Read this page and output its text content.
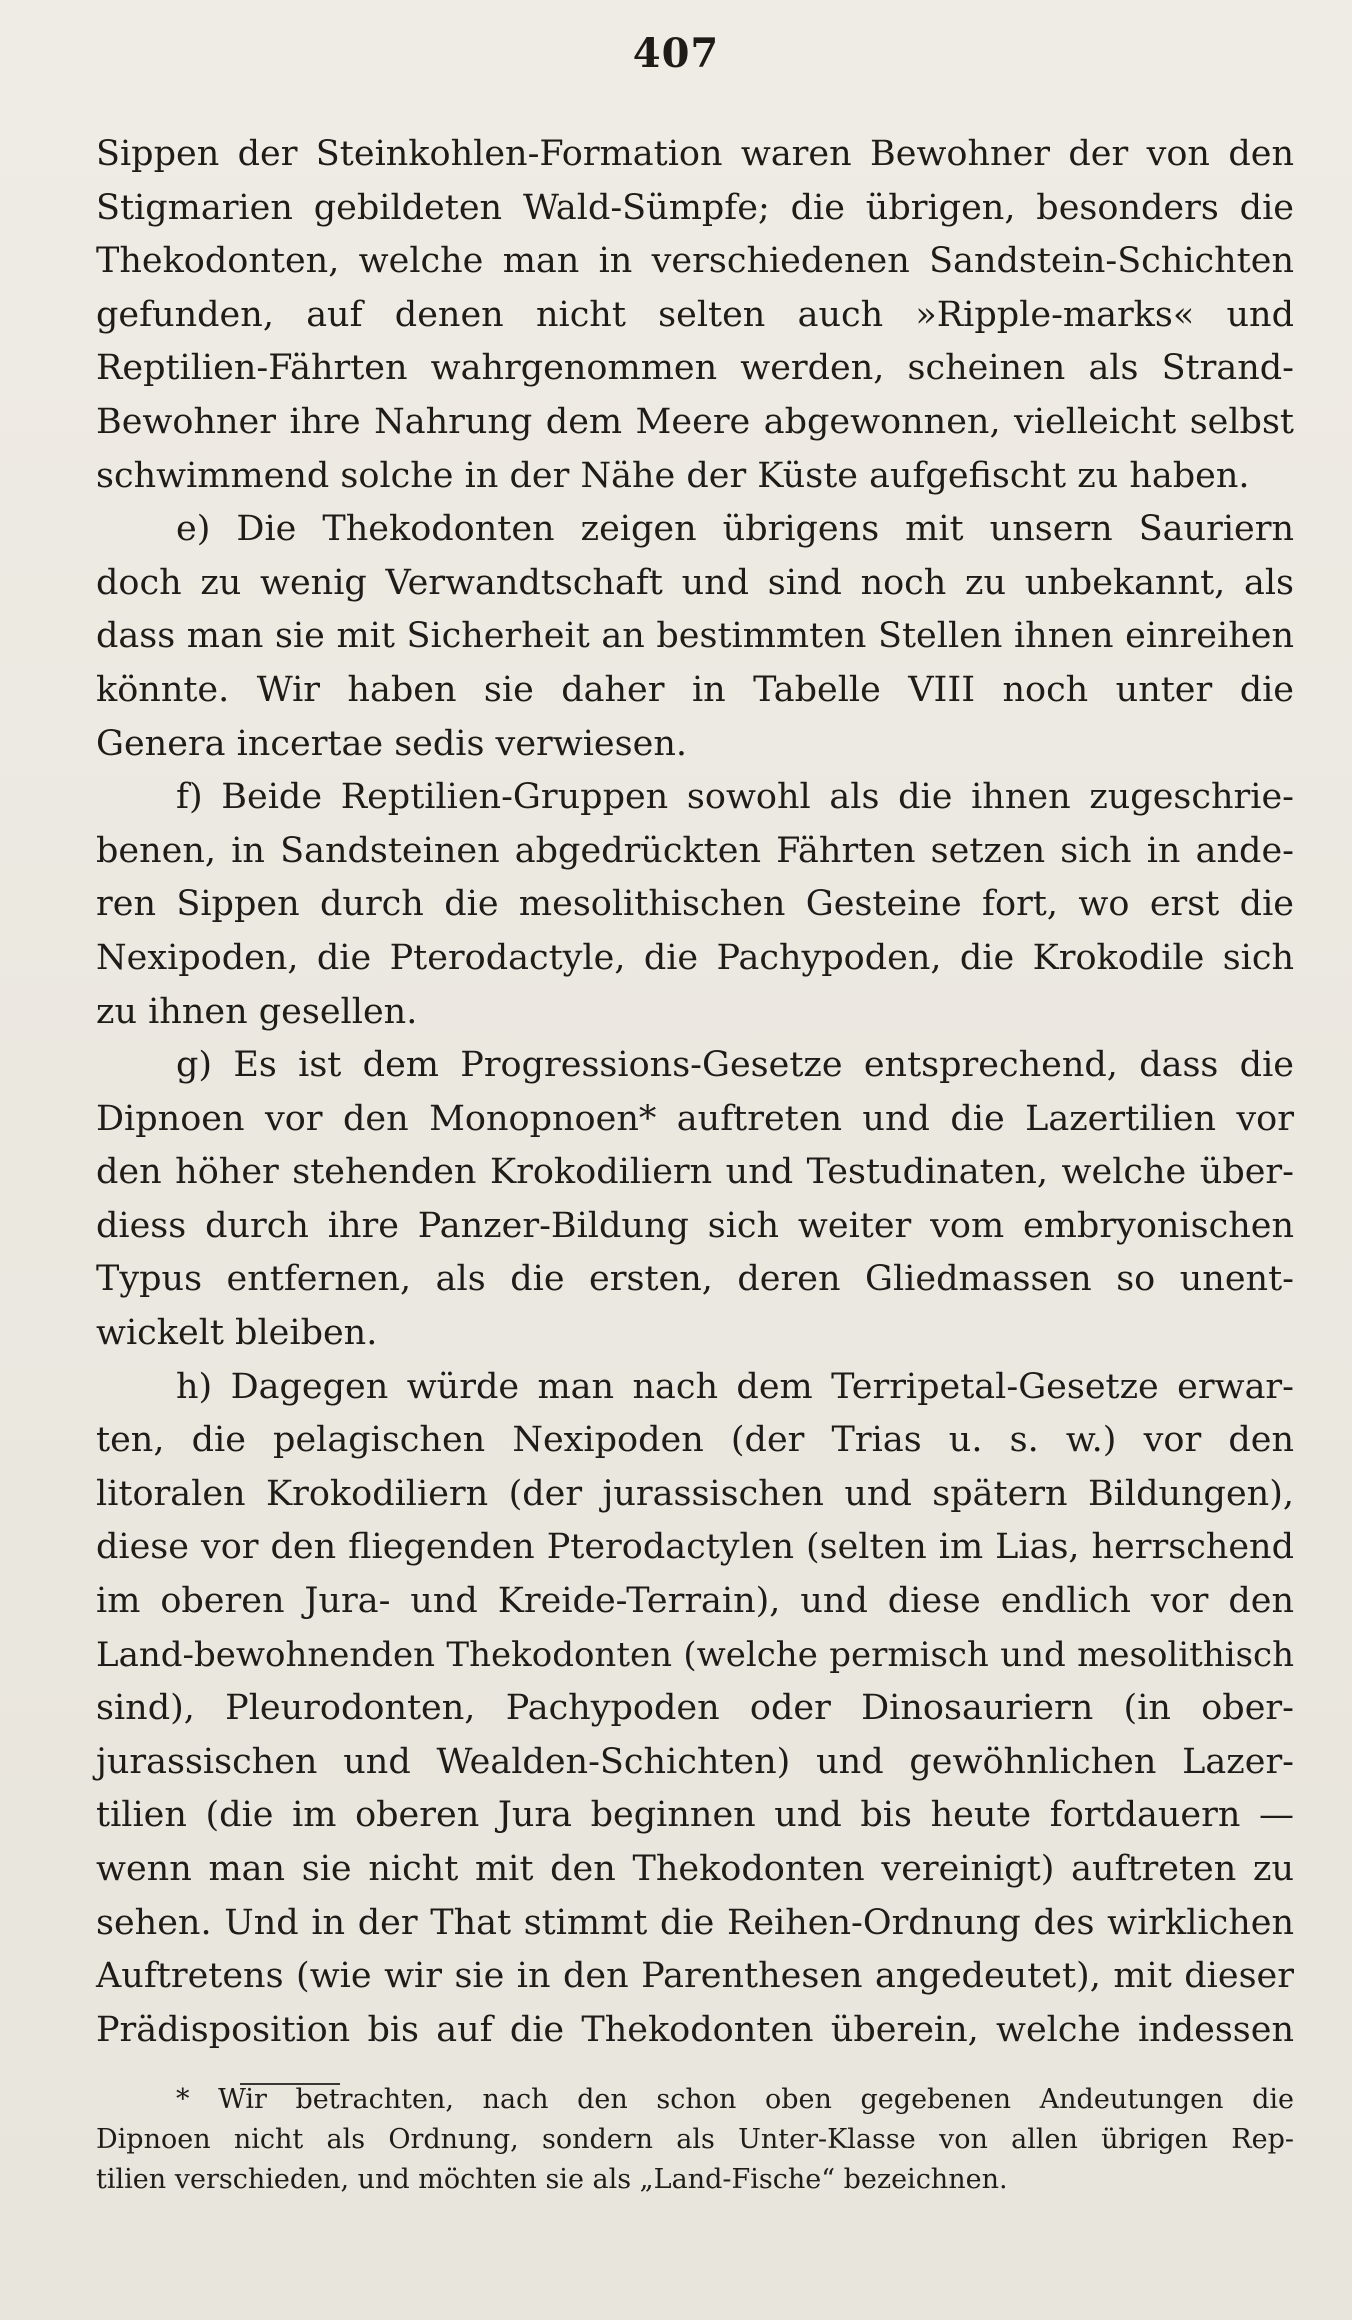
407
Sippen der Steinkohlen-Formation waren Bewohner der von den
Stigmarien gebildeten Wald-Sümpfe; die übrigen, besonders die
Thekodonten, welche man in verschiedenen Sandstein-Schichten
gefunden, auf denen nicht selten auch »Ripple-marks« und
Reptilien-Fährten wahrgenommen werden, scheinen als Strand-
Bewohner ihre Nahrung dem Meere abgewonnen, vielleicht selbst
schwimmend solche in der Nähe der Küste aufgefischt zu haben.
e) Die Thekodonten zeigen übrigens mit unsern Sauriern
doch zu wenig Verwandtschaft und sind noch zu unbekannt, als
dass man sie mit Sicherheit an bestimmten Stellen ihnen einreihen
könnte. Wir haben sie daher in Tabelle VIII noch unter die
Genera incertae sedis verwiesen.
f) Beide Reptilien-Gruppen sowohl als die ihnen zugeschrie-
benen, in Sandsteinen abgedrückten Fährten setzen sich in ande-
ren Sippen durch die mesolithischen Gesteine fort, wo erst die
Nexipoden, die Pterodactyle, die Pachypoden, die Krokodile sich
zu ihnen gesellen.
g) Es ist dem Progressions-Gesetze entsprechend, dass die
Dipnoen vor den Monopnoen* auftreten und die Lazertilien vor
den höher stehenden Krokodiliern und Testudinaten, welche über-
diess durch ihre Panzer-Bildung sich weiter vom embryonischen
Typus entfernen, als die ersten, deren Gliedmassen so unent-
wickelt bleiben.
h) Dagegen würde man nach dem Terripetal-Gesetze erwar-
ten, die pelagischen Nexipoden (der Trias u. s. w.) vor den
litoralen Krokodiliern (der jurassischen und spätern Bildungen),
diese vor den fliegenden Pterodactylen (selten im Lias, herrschend
im oberen Jura- und Kreide-Terrain), und diese endlich vor den
Land-bewohnenden Thekodonten (welche permisch und mesolithisch
sind), Pleurodonten, Pachypoden oder Dinosauriern (in ober-
jurassischen und Wealden-Schichten) und gewöhnlichen Lazer-
tilien (die im oberen Jura beginnen und bis heute fortdauern —
wenn man sie nicht mit den Thekodonten vereinigt) auftreten zu
sehen. Und in der That stimmt die Reihen-Ordnung des wirklichen
Auftretens (wie wir sie in den Parenthesen angedeutet), mit dieser
Prädisposition bis auf die Thekodonten überein, welche indessen
* Wir betrachten, nach den schon oben gegebenen Andeutungen die
Dipnoen nicht als Ordnung, sondern als Unter-Klasse von allen übrigen Rep-
tilien verschieden, und möchten sie als „Land-Fische“ bezeichnen.
